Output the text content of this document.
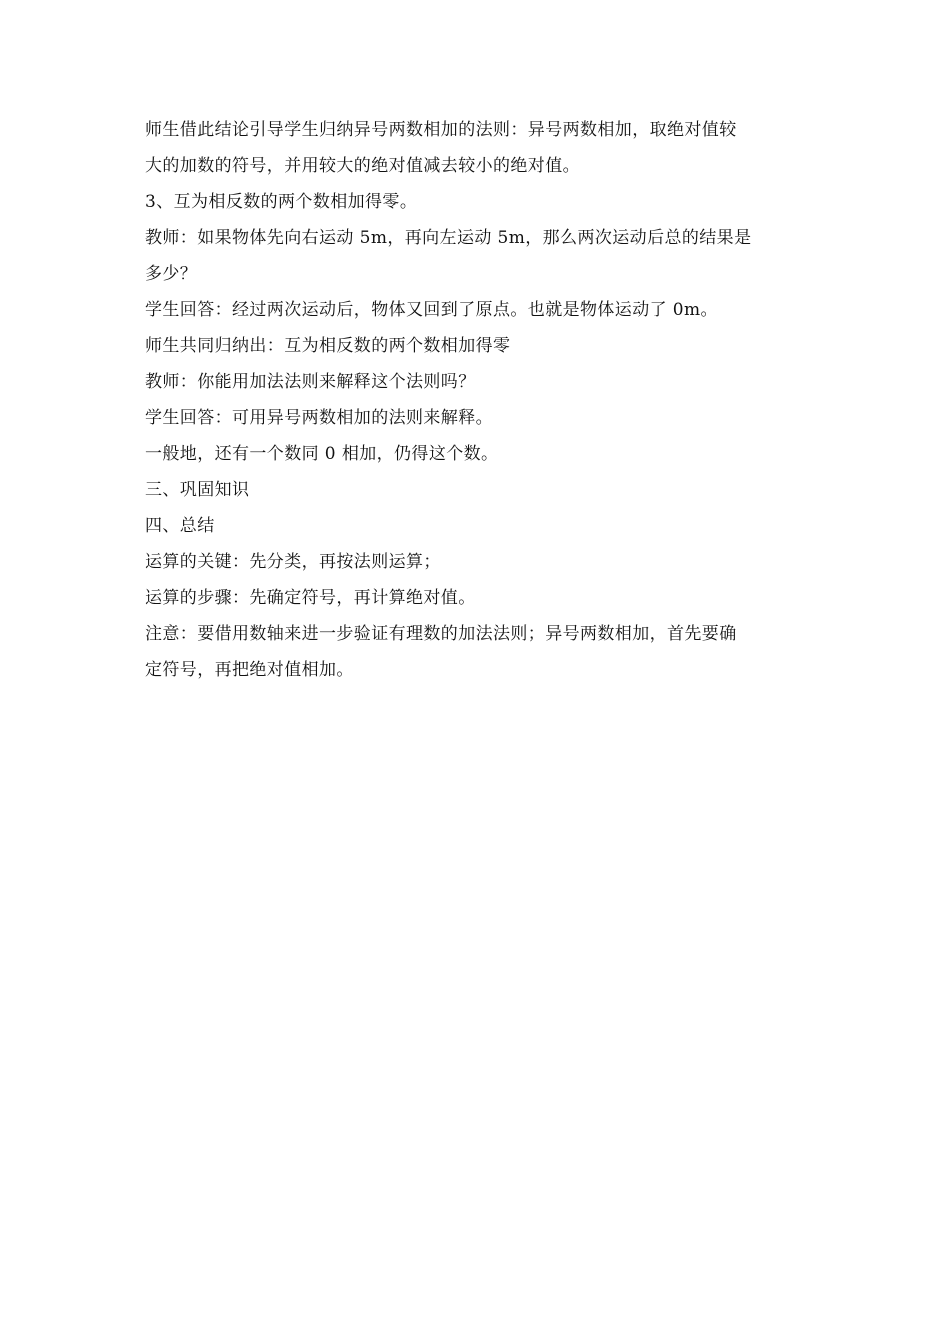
师生借此结论引导学生归纳异号两数相加的法则：异号两数相加，取绝对值较
大的加数的符号，并用较大的绝对值减去较小的绝对值。
3、互为相反数的两个数相加得零。
教师：如果物体先向右运动 5m，再向左运动 5m，那么两次运动后总的结果是
多少？
学生回答：经过两次运动后，物体又回到了原点。也就是物体运动了 0m。
师生共同归纳出：互为相反数的两个数相加得零
教师：你能用加法法则来解释这个法则吗？
学生回答：可用异号两数相加的法则来解释。
一般地，还有一个数同 0 相加，仍得这个数。
三、巩固知识
四、总结
运算的关键：先分类，再按法则运算；
运算的步骤：先确定符号，再计算绝对值。
注意：要借用数轴来进一步验证有理数的加法法则；异号两数相加，首先要确
定符号，再把绝对值相加。
